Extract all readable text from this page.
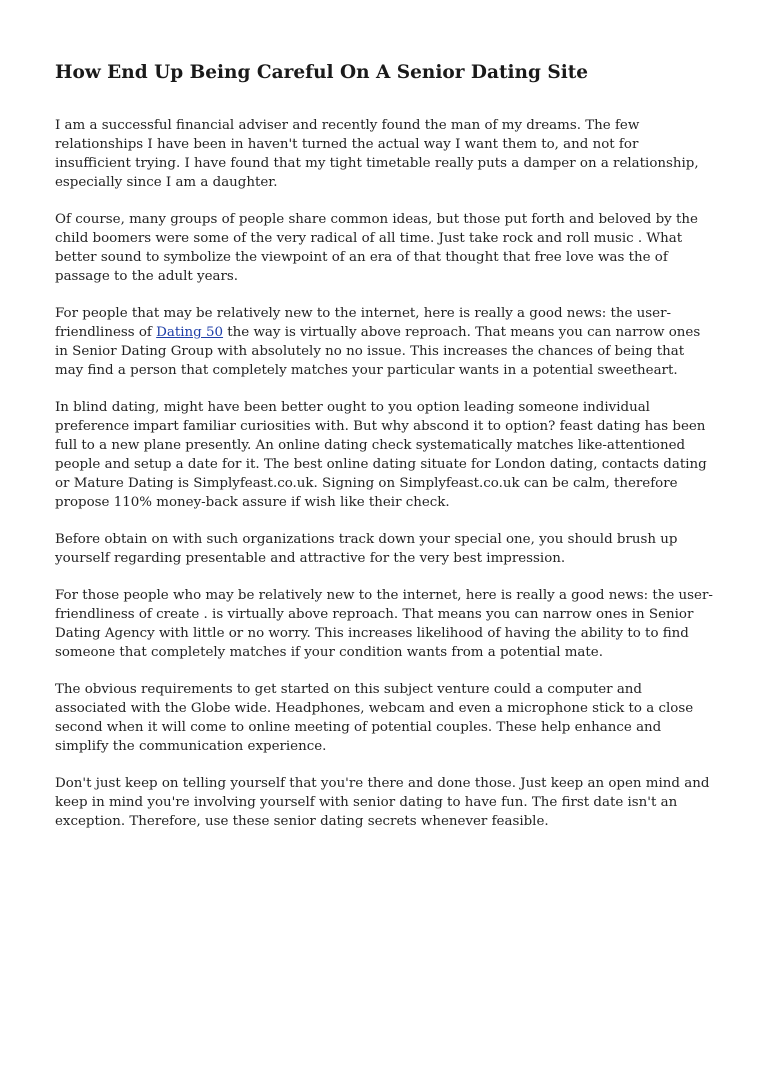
How End Up Being Careful On A Senior Dating Site

I am a successful financial adviser and recently found the man of my dreams. The few relationships I have been in haven't turned the actual way I want them to, and not for insufficient trying. I have found that my tight timetable really puts a damper on a relationship, especially since I am a daughter.

Of course, many groups of people share common ideas, but those put forth and beloved by the child boomers were some of the very radical of all time. Just take rock and roll music . What better sound to symbolize the viewpoint of an era of that thought that free love was the of passage to the adult years.

For people that may be relatively new to the internet, here is really a good news: the user-friendliness of Dating 50 the way is virtually above reproach. That means you can narrow ones in Senior Dating Group with absolutely no no issue. This increases the chances of being that may find a person that completely matches your particular wants in a potential sweetheart.

In blind dating, might have been better ought to you option leading someone individual preference impart familiar curiosities with. But why abscond it to option? feast dating has been full to a new plane presently. An online dating check systematically matches like-attentioned people and setup a date for it. The best online dating situate for London dating, contacts dating or Mature Dating is Simplyfeast.co.uk. Signing on Simplyfeast.co.uk can be calm, therefore propose 110% money-back assure if wish like their check.

Before obtain on with such organizations track down your special one, you should brush up yourself regarding presentable and attractive for the very best impression.

For those people who may be relatively new to the internet, here is really a good news: the user-friendliness of create . is virtually above reproach. That means you can narrow ones in Senior Dating Agency with little or no worry. This increases likelihood of having the ability to to find someone that completely matches if your condition wants from a potential mate.

The obvious requirements to get started on this subject venture could a computer and associated with the Globe wide. Headphones, webcam and even a microphone stick to a close second when it will come to online meeting of potential couples. These help enhance and simplify the communication experience.

Don't just keep on telling yourself that you're there and done those. Just keep an open mind and keep in mind you're involving yourself with senior dating to have fun. The first date isn't an exception. Therefore, use these senior dating secrets whenever feasible.
